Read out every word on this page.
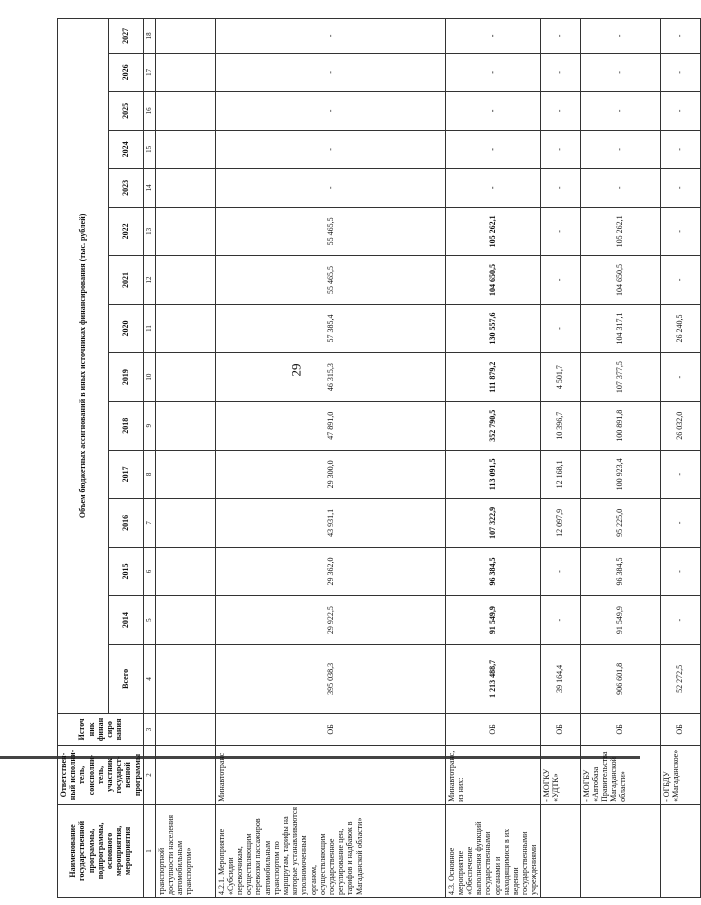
29
Наименование государственной программы, подпрограммы, основного мероприятия, мероприятия	Ответствен-ный исполни-тель, соисполни-тель, участник государст-венной программы	Источ ник финан сиро вания	Объем бюджетных ассигнований в иных источниках финансирования (тыс. рублей)														
			Всего	2014	2015	2016	2017	2018	2019	2020	2021	2022	2023	2024	2025	2026	2027
1	2	3	4	5	6	7	8	9	10	11	12	13	14	15	16	17	18
транспортной доступности населения автомобильным транспортом»																	
4.2.1. Мероприятие «Субсидии перевозчикам, осуществляющим перевозки пассажиров автомобильным транспортом по маршрутам, тарифы на которые устанавливаются уполномоченным органом, осуществляющим государственное регулирование цен, тарифов и надбавок в Магаданской области»	Минавтотранс	ОБ	395 038,3	29 922,5	29 362,0	43 931,1	29 300,0	47 891,0	46 315,3	57 385,4	55 465,5	55 465,5	-	-	-	-	-
4.3. Основное мероприятие «Обеспечение выполнения функций государственными органами и находящимися в их ведении государственными учреждениями	Минавтотранс, из них:	ОБ	1 213 488,7	91 549,9	96 384,5	107 322,9	113 091,5	352 790,5	111 879,2	130 557,6	104 650,5	105 262,1	-	-	-	-	-
	- МОГКУ «УДТК»	ОБ	39 164,4	-	-	12 097,9	12 168,1	10 396,7	4 501,7	-	-	-	-	-	-	-	-
	- МОГБУ «Автобаза Правительства Магаданской области»	ОБ	906 601,8	91 549,9	96 384,5	95 225,0	100 923,4	100 891,8	107 377,5	104 317,1	104 650,5	105 262,1	-	-	-	-	-
	- ОГБДУ «Магаданское»	ОБ	52 272,5	-	-	-	-	26 032,0	-	26 240,5	-	-	-	-	-	-	-
